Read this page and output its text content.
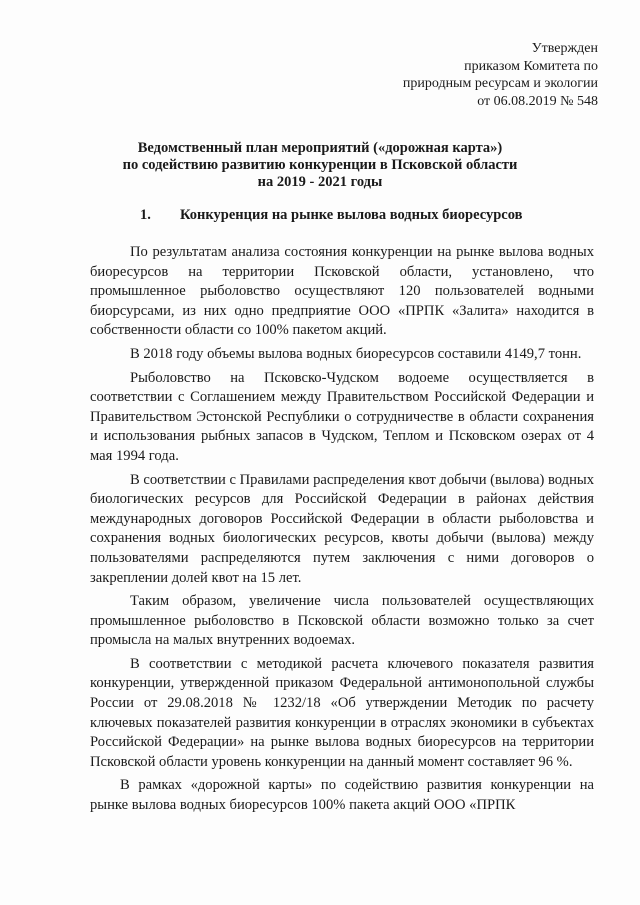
Утвержден
приказом Комитета по
природным ресурсам и экологии
от 06.08.2019 № 548
Ведомственный план мероприятий («дорожная карта»)
по содействию развитию конкуренции в Псковской области
на 2019 - 2021 годы
1. Конкуренция на рынке вылова водных биоресурсов

По результатам анализа состояния конкуренции на рынке вылова водных биоресурсов на территории Псковской области, установлено, что промышленное рыболовство осуществляют 120 пользователей водными биорсурсами, из них одно предприятие ООО «ПРПК «Залита» находится в собственности области со 100% пакетом акций.

В 2018 году объемы вылова водных биоресурсов составили 4149,7 тонн.

Рыболовство на Псковско-Чудском водоеме осуществляется в соответствии с Соглашением между Правительством Российской Федерации и Правительством Эстонской Республики о сотрудничестве в области сохранения и использования рыбных запасов в Чудском, Теплом и Псковском озерах от 4 мая 1994 года.

В соответствии с Правилами распределения квот добычи (вылова) водных биологических ресурсов для Российской Федерации в районах действия международных договоров Российской Федерации в области рыболовства и сохранения водных биологических ресурсов, квоты добычи (вылова) между пользователями распределяются путем заключения с ними договоров о закреплении долей квот на 15 лет.

Таким образом, увеличение числа пользователей осуществляющих промышленное рыболовство в Псковской области возможно только за счет промысла на малых внутренних водоемах.

В соответствии с методикой расчета ключевого показателя развития конкуренции, утвержденной приказом Федеральной антимонопольной службы России от 29.08.2018 № 1232/18 «Об утверждении Методик по расчету ключевых показателей развития конкуренции в отраслях экономики в субъектах Российской Федерации» на рынке вылова водных биоресурсов на территории Псковской области уровень конкуренции на данный момент составляет 96 %.

В рамках «дорожной карты» по содействию развития конкуренции на рынке вылова водных биоресурсов 100% пакета акций ООО «ПРПК
